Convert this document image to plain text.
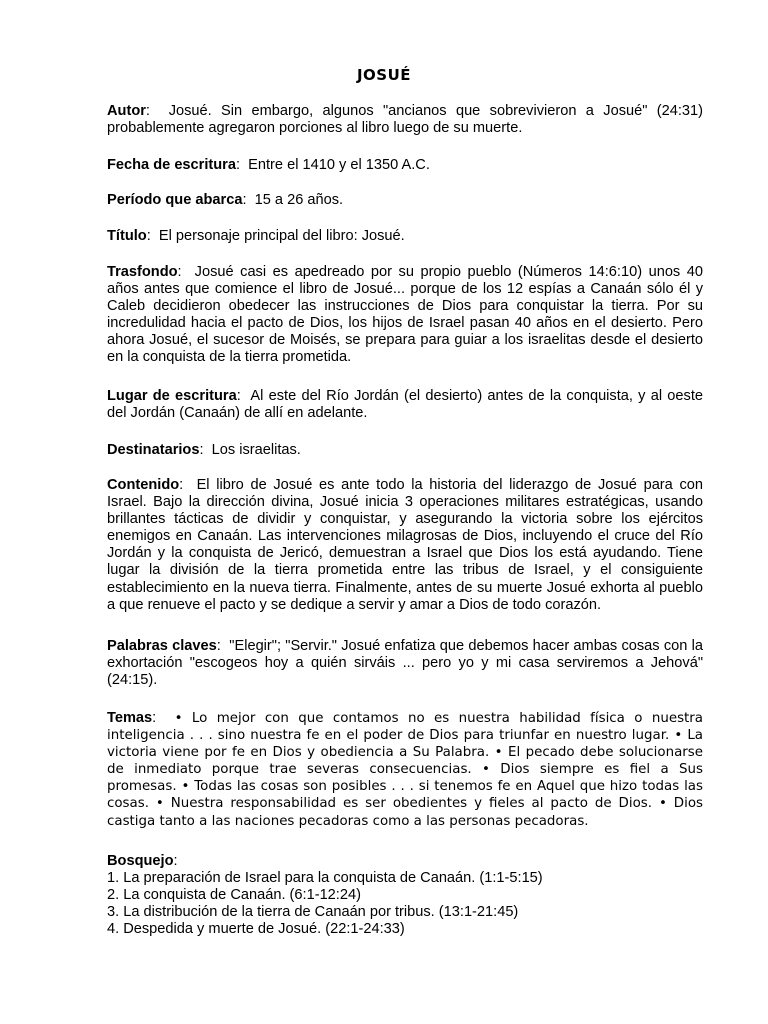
JOSUÉ
Autor:  Josué. Sin embargo, algunos "ancianos que sobrevivieron a Josué" (24:31) probablemente agregaron porciones al libro luego de su muerte.
Fecha de escritura:  Entre el 1410 y el 1350 A.C.
Período que abarca:  15 a 26 años.
Título:  El personaje principal del libro: Josué.
Trasfondo:  Josué casi es apedreado por su propio pueblo (Números 14:6:10) unos 40 años antes que comience el libro de Josué... porque de los 12 espías a Canaán sólo él y Caleb decidieron obedecer las instrucciones de Dios para conquistar la tierra. Por su incredulidad hacia el pacto de Dios, los hijos de Israel pasan 40 años en el desierto. Pero ahora Josué, el sucesor de Moisés, se prepara para guiar a los israelitas desde el desierto en la conquista de la tierra prometida.
Lugar de escritura:  Al este del Río Jordán (el desierto) antes de la conquista, y al oeste del Jordán (Canaán) de allí en adelante.
Destinatarios:  Los israelitas.
Contenido:  El libro de Josué es ante todo la historia del liderazgo de Josué para con Israel. Bajo la dirección divina, Josué inicia 3 operaciones militares estratégicas, usando brillantes tácticas de dividir y conquistar, y asegurando la victoria sobre los ejércitos enemigos en Canaán. Las intervenciones milagrosas de Dios, incluyendo el cruce del Río Jordán y la conquista de Jericó, demuestran a Israel que Dios los está ayudando. Tiene lugar la división de la tierra prometida entre las tribus de Israel, y el consiguiente establecimiento en la nueva tierra. Finalmente, antes de su muerte Josué exhorta al pueblo a que renueve el pacto y se dedique a servir y amar a Dios de todo corazón.
Palabras claves:  "Elegir"; "Servir." Josué enfatiza que debemos hacer ambas cosas con la exhortación "escogeos hoy a quién sirváis ... pero yo y mi casa serviremos a Jehová" (24:15).
Temas:  • Lo mejor con que contamos no es nuestra habilidad física o nuestra inteligencia . . . sino nuestra fe en el poder de Dios para triunfar en nuestro lugar. • La victoria viene por fe en Dios y obediencia a Su Palabra. • El pecado debe solucionarse de inmediato porque trae severas consecuencias. • Dios siempre es fiel a Sus promesas. • Todas las cosas son posibles . . . si tenemos fe en Aquel que hizo todas las cosas. • Nuestra responsabilidad es ser obedientes y fieles al pacto de Dios. • Dios castiga tanto a las naciones pecadoras como a las personas pecadoras.
Bosquejo:
1. La preparación de Israel para la conquista de Canaán. (1:1-5:15)
2. La conquista de Canaán. (6:1-12:24)
3. La distribución de la tierra de Canaán por tribus. (13:1-21:45)
4. Despedida y muerte de Josué. (22:1-24:33)
